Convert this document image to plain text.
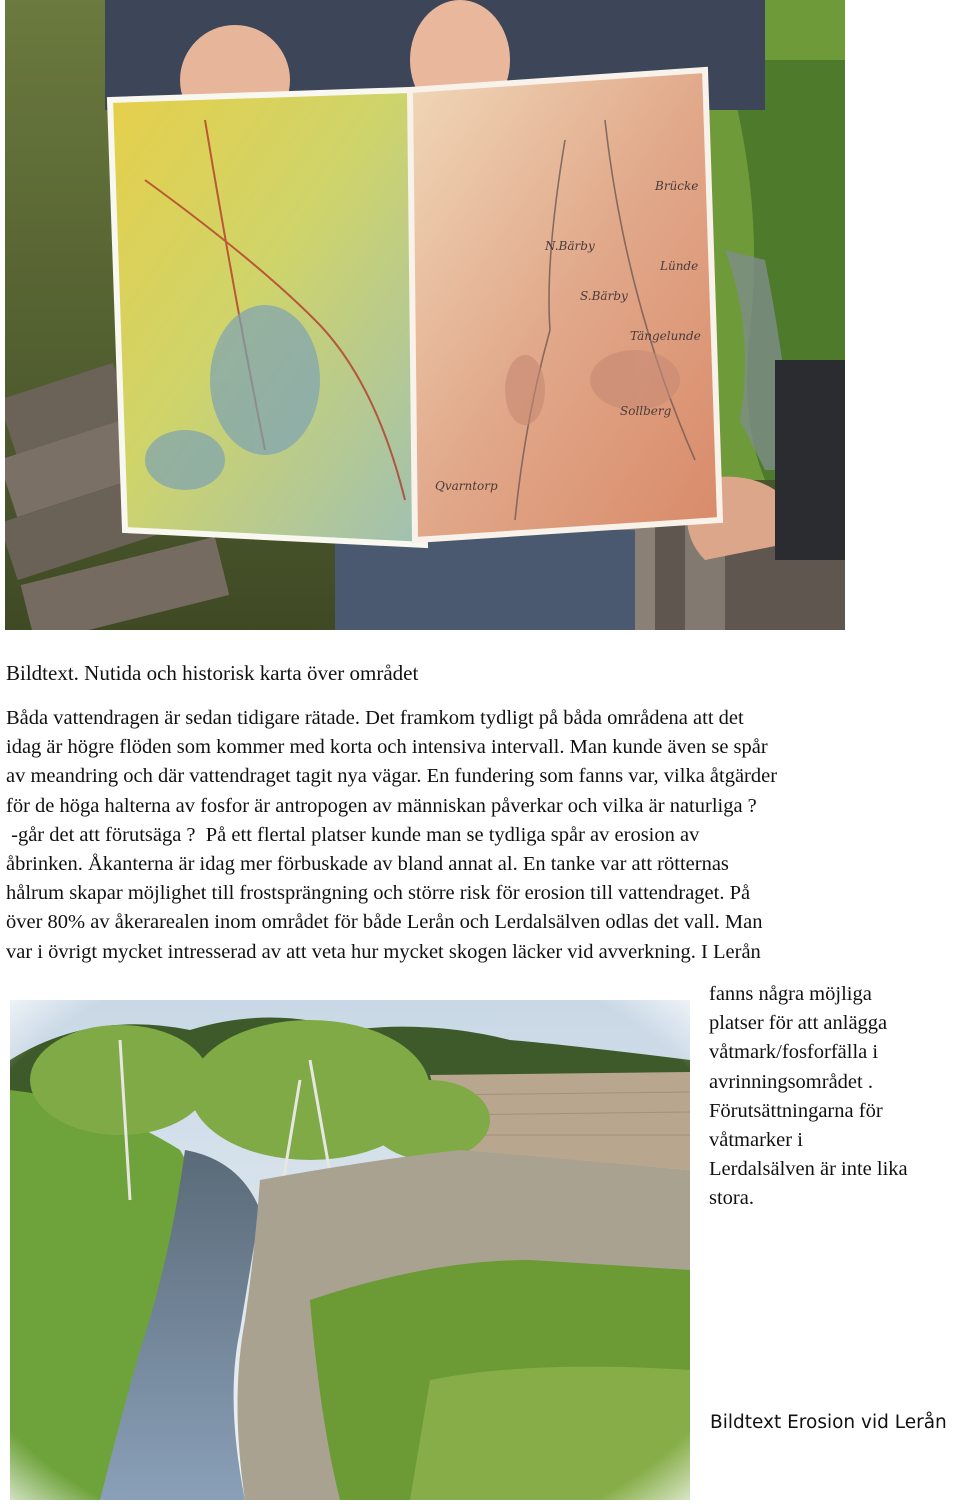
Brücke
S.Bärby
N.Bärby
Lünde
Sollberg
Qvarntorp
Tängelunde
Bildtext. Nutida och historisk karta över området
Båda vattendragen är sedan tidigare rätade. Det framkom tydligt på båda områdena att det
idag är högre flöden som kommer med korta och intensiva intervall. Man kunde även se spår
av meandring och där vattendraget tagit nya vägar. En fundering som fanns var, vilka åtgärder
för de höga halterna av fosfor är antropogen av människan påverkar och vilka är naturliga ?
-går det att förutsäga ?  På ett flertal platser kunde man se tydliga spår av erosion av
åbrinken. Åkanterna är idag mer förbuskade av bland annat al. En tanke var att rötternas
hålrum skapar möjlighet till frostsprängning och större risk för erosion till vattendraget. På
över 80% av åkerarealen inom området för både Lerån och Lerdalsälven odlas det vall. Man
var i övrigt mycket intresserad av att veta hur mycket skogen läcker vid avverkning. I Lerån
fanns några möjliga
platser för att anlägga
våtmark/fosforfälla i
avrinningsområdet .
Förutsättningarna för
våtmarker i
Lerdalsälven är inte lika
stora.
Bildtext Erosion vid Lerån
